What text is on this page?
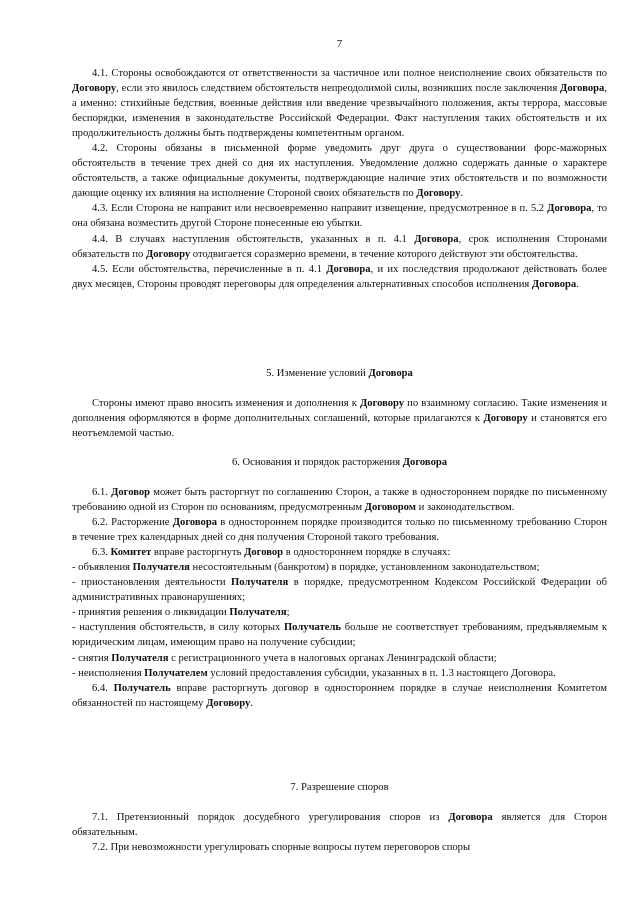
7

4.1. Стороны освобождаются от ответственности за частичное или полное неисполнение своих обязательств по Договору, если это явилось следствием обстоятельств непреодолимой силы, возникших после заключения Договора, а именно: стихийные бедствия, военные действия или введение чрезвычайного положения, акты террора, массовые беспорядки, изменения в законодательстве Российской Федерации. Факт наступления таких обстоятельств и их продолжительность должны быть подтверждены компетентным органом.

4.2. Стороны обязаны в письменной форме уведомить друг друга о существовании форс-мажорных обстоятельств в течение трех дней со дня их наступления. Уведомление должно содержать данные о характере обстоятельств, а также официальные документы, подтверждающие наличие этих обстоятельств и по возможности дающие оценку их влияния на исполнение Стороной своих обязательств по Договору.

4.3. Если Сторона не направит или несвоевременно направит извещение, предусмотренное в п. 5.2 Договора, то она обязана возместить другой Стороне понесенные ею убытки.

4.4. В случаях наступления обстоятельств, указанных в п. 4.1 Договора, срок исполнения Сторонами обязательств по Договору отодвигается соразмерно времени, в течение которого действуют эти обстоятельства.

4.5. Если обстоятельства, перечисленные в п. 4.1 Договора, и их последствия продолжают действовать более двух месяцев, Стороны проводят переговоры для определения альтернативных способов исполнения Договора.

5. Изменение условий Договора

Стороны имеют право вносить изменения и дополнения к Договору по взаимному согласию. Такие изменения и дополнения оформляются в форме дополнительных соглашений, которые прилагаются к Договору и становятся его неотъемлемой частью.

6. Основания и порядок расторжения Договора

6.1. Договор может быть расторгнут по соглашению Сторон, а также в одностороннем порядке по письменному требованию одной из Сторон по основаниям, предусмотренным Договором и законодательством.

6.2. Расторжение Договора в одностороннем порядке производится только по письменному требованию Сторон в течение трех календарных дней со дня получения Стороной такого требования.

6.3. Комитет вправе расторгнуть Договор в одностороннем порядке в случаях:

- объявления Получателя несостоятельным (банкротом) в порядке, установленном законодательством;

- приостановления деятельности Получателя в порядке, предусмотренном Кодексом Российской Федерации об административных правонарушениях;

- принятия решения о ликвидации Получателя;

- наступления обстоятельств, в силу которых Получатель больше не соответствует требованиям, предъявляемым к юридическим лицам, имеющим право на получение субсидии;

- снятия Получателя с регистрационного учета в налоговых органах Ленинградской области;

- неисполнения Получателем условий предоставления субсидии, указанных в п. 1.3 настоящего Договора.

6.4. Получатель вправе расторгнуть договор в одностороннем порядке в случае неисполнения Комитетом обязанностей по настоящему Договору.

7. Разрешение споров

7.1. Претензионный порядок досудебного урегулирования споров из Договора является для Сторон обязательным.

7.2. При невозможности урегулировать спорные вопросы путем переговоров споры
